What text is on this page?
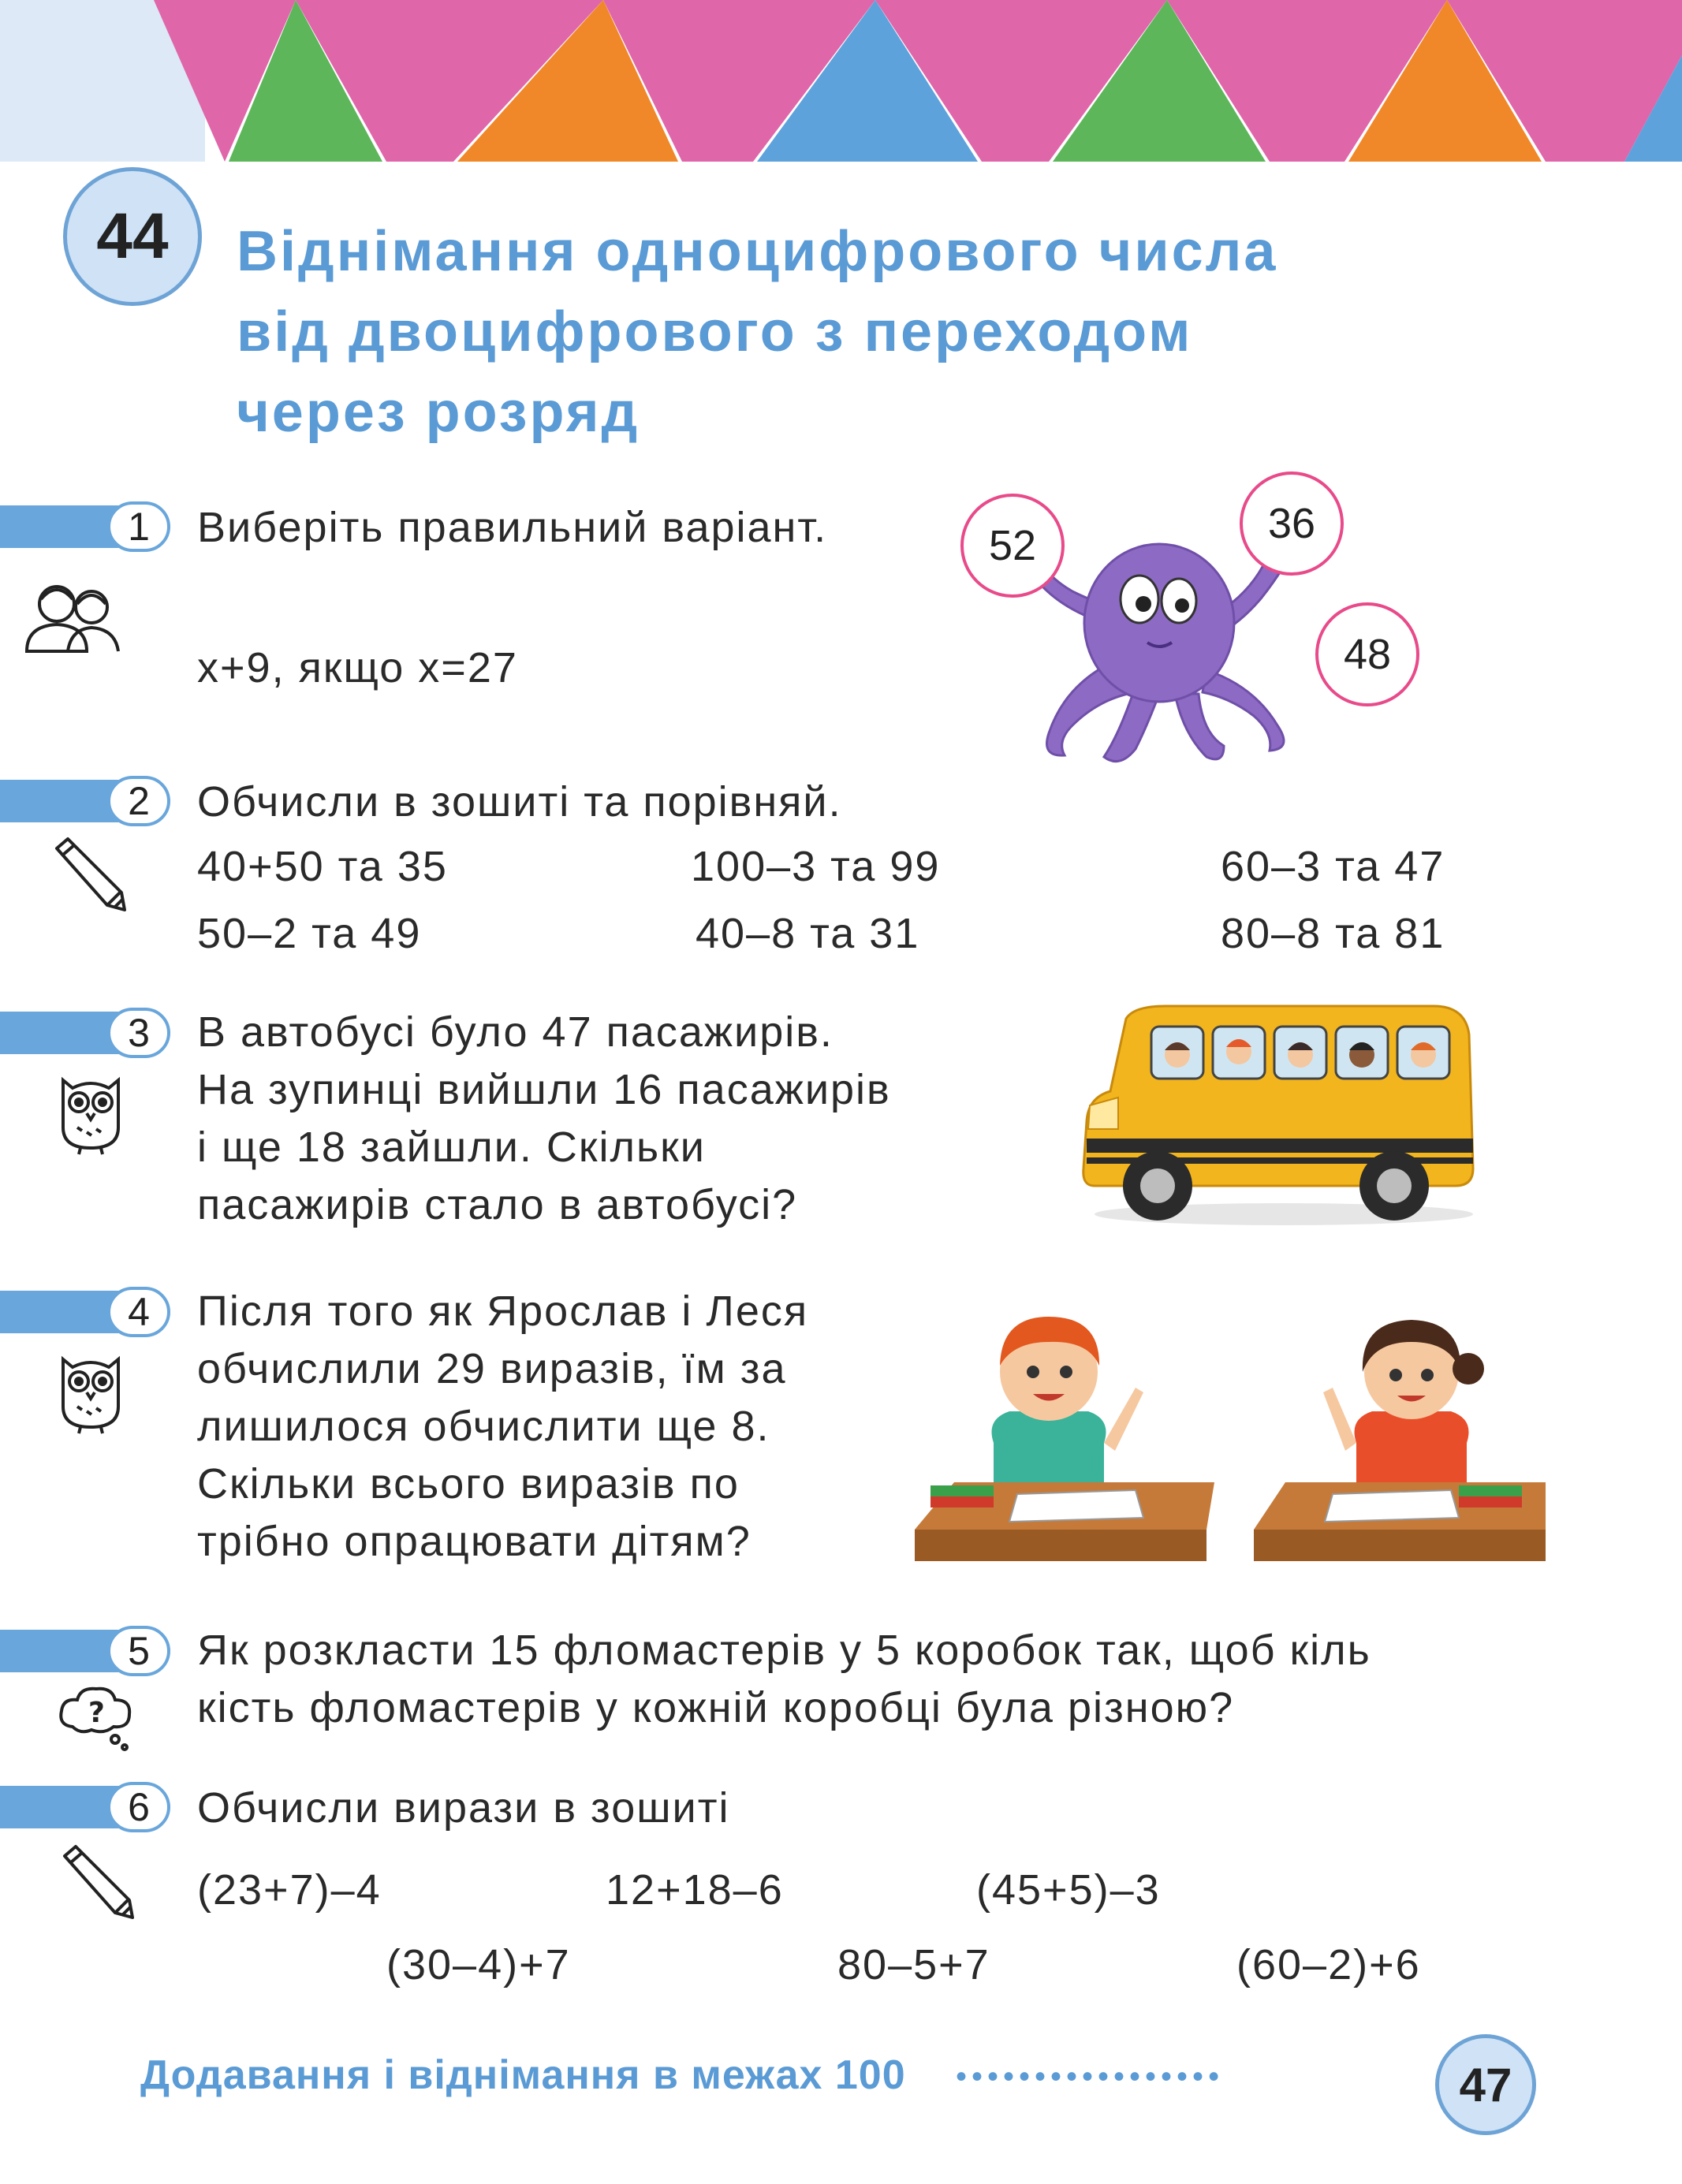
44	Віднімання одноцифрового числа
від двоцифрового з переходом
через розряд
1	Виберіть правильний варіант.
x+9, якщо x=27
52	36
48
2	Обчисли в зошиті та порівняй.
40+50 та 35	100–3 та 99	60–3 та 47
50–2 та 49	40–8 та 31	80–8 та 81
3	В автобусі було 47 пасажирів.
На зупинці вийшли 16 пасажирів
і ще 18 зайшли. Скільки
пасажирів стало в автобусі?
4	Після того як Ярослав і Леся
обчислили 29 виразів, їм за
лишилося обчислити ще 8.
Скільки всього виразів по
трібно опрацювати дітям?
5
?
Як розкласти 15 фломастерів у 5 коробок так, щоб кіль
кість фломастерів у кожній коробці була різною?
6	Обчисли вирази в зошиті
(23+7)–4	12+18–6	(45+5)–3
(30–4)+7	80–5+7	(60–2)+6
Додавання і віднімання в межах 100 •••••••••••••••••	47
